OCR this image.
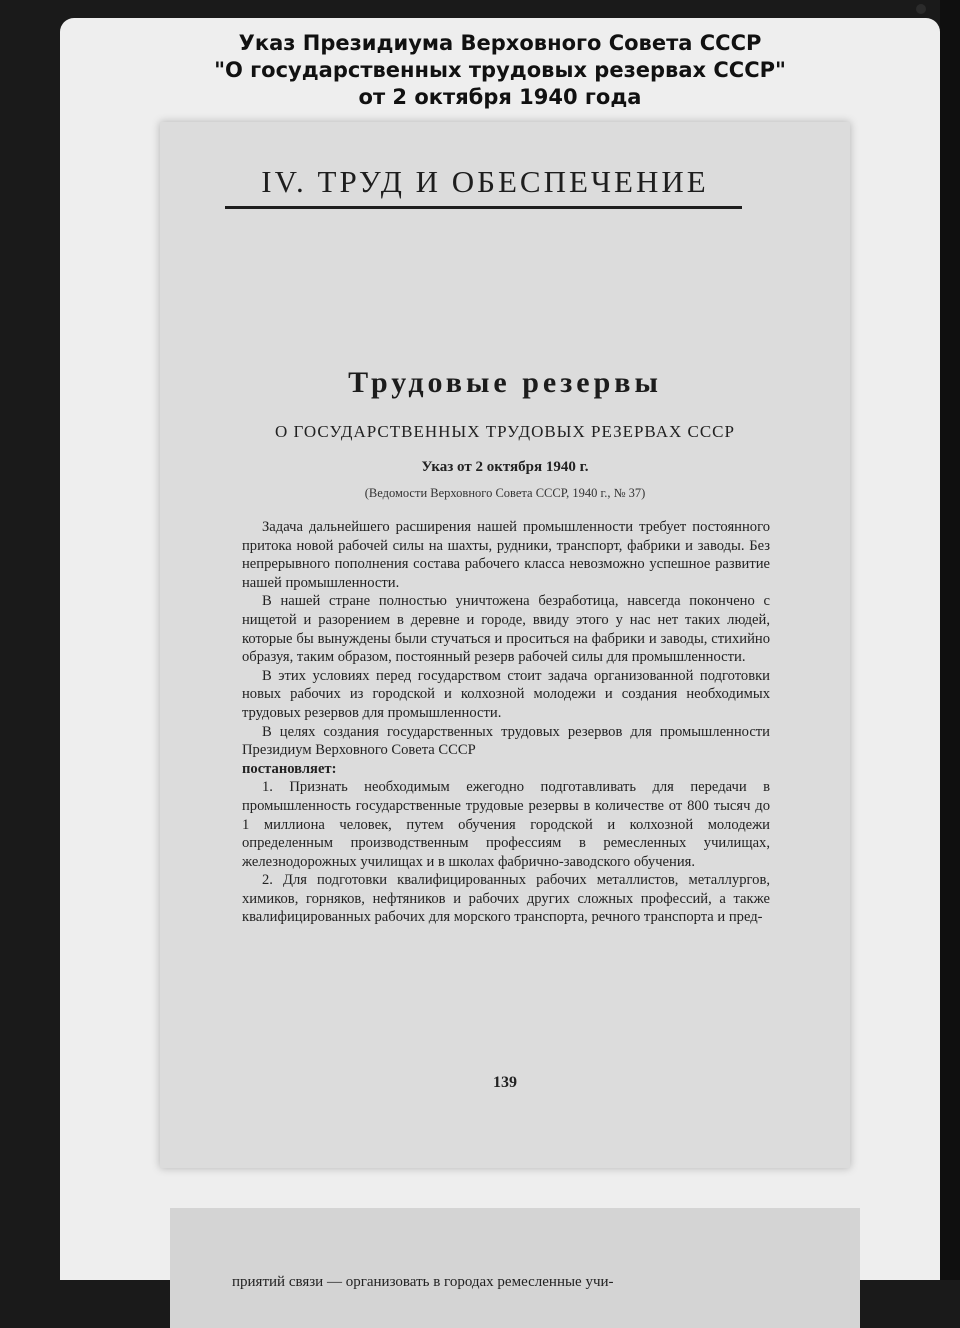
Указ Президиума Верховного Совета СССР
"О государственных трудовых резервах СССР"
от 2 октября 1940 года
IV. ТРУД И ОБЕСПЕЧЕНИЕ
Трудовые резервы
О ГОСУДАРСТВЕННЫХ ТРУДОВЫХ РЕЗЕРВАХ СССР
Указ от 2 октября 1940 г.
(Ведомости Верховного Совета СССР, 1940 г., № 37)

Задача дальнейшего расширения нашей промышленности требует постоянного притока новой рабочей силы на шахты, рудники, транспорт, фабрики и заводы. Без непрерывного пополнения состава рабочего класса невозможно успешное развитие нашей промышленности.

В нашей стране полностью уничтожена безработица, навсегда покончено с нищетой и разорением в деревне и городе, ввиду этого у нас нет таких людей, которые бы вынуждены были стучаться и проситься на фабрики и заводы, стихийно образуя, таким образом, постоянный резерв рабочей силы для промышленности.

В этих условиях перед государством стоит задача организованной подготовки новых рабочих из городской и колхозной молодежи и создания необходимых трудовых резервов для промышленности.

В целях создания государственных трудовых резервов для промышленности Президиум Верховного Совета СССР

постановляет:

1. Признать необходимым ежегодно подготавливать для передачи в промышленность государственные трудовые резервы в количестве от 800 тысяч до 1 миллиона человек, путем обучения городской и колхозной молодежи определенным производственным профессиям в ремесленных училищах, железнодорожных училищах и в школах фабрично-заводского обучения.

2. Для подготовки квалифицированных рабочих металлистов, металлургов, химиков, горняков, нефтяников и рабочих других сложных профессий, а также квалифицированных рабочих для морского транспорта, речного транспорта и пред-

139
приятий связи — организовать в городах ремесленные учи-
